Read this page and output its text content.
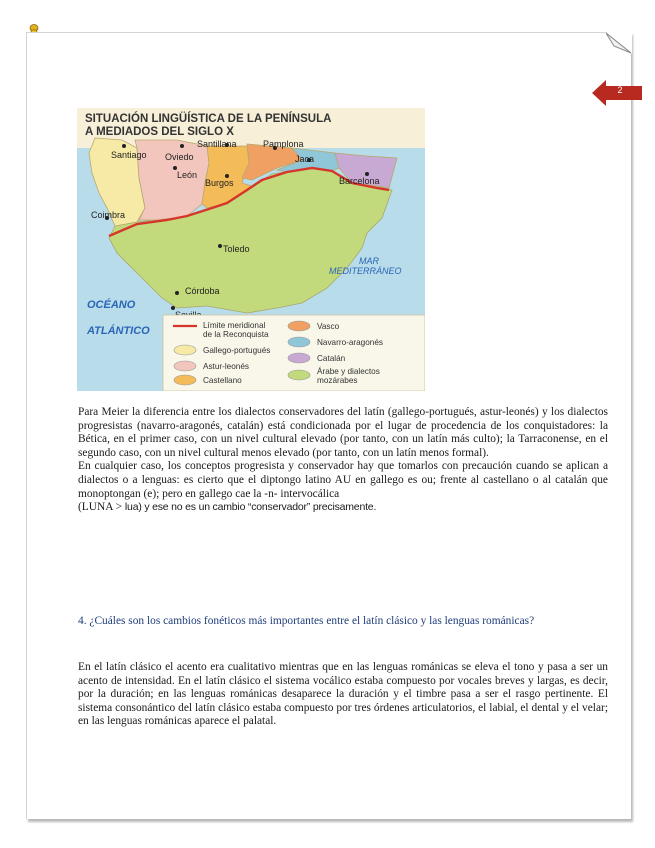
SITUACIÓN LINGÜÍSTICA DE LA PENÍNSULA
A MEDIADOS DEL SIGLO X
Santiago Oviedo
Santillana	Pamplona
León
Jaca
Burgos	Barcelona
Coimbra
Toledo
Córdoba
MAR
MEDITERRÁNEO
OCÉANO
ATLÁNTICO	Límite meridional
de la Reconquista
Gallego-portugués
Astur-leonés
Castellano
Vasco
Navarro-aragonés
Catalán
Árabe y dialectos
mozárabes

Para Meier la diferencia entre los dialectos conservadores del latín (gallego-portugués, astur-leonés) y los dialectos progresistas (navarro-aragonés, catalán) está condicionada por el lugar de procedencia de los conquistadores: la Bética, en el primer caso, con un nivel cultural elevado (por tanto, con un latín más culto); la Tarraconense, en el segundo caso, con un nivel cultural menos elevado (por tanto, con un latín menos formal).

En cualquier caso, los conceptos progresista y conservador hay que tomarlos con precaución cuando se aplican a dialectos o a lenguas: es cierto que el diptongo latino AU en gallego es ou; frente al castellano o al catalán que monoptongan (e); pero en gallego cae la -n- intervocálica

(LUNA > lua) y ese no es un cambio “conservador” precisamente.

4. ¿Cuáles son los cambios fonéticos más importantes entre el latín clásico y las lenguas románicas?
En el latín clásico el acento era cualitativo mientras que en las lenguas románicas se eleva el tono y pasa a ser un acento de intensidad. En el latín clásico el sistema vocálico estaba compuesto por vocales breves y largas, es decir, por la duración; en las lenguas románicas desaparece la duración y el timbre pasa a ser el rasgo pertinente. El sistema consonántico del latín clásico estaba compuesto por tres órdenes articulatorios, el labial, el dental y el velar; en las lenguas románicas aparece el palatal.
2
